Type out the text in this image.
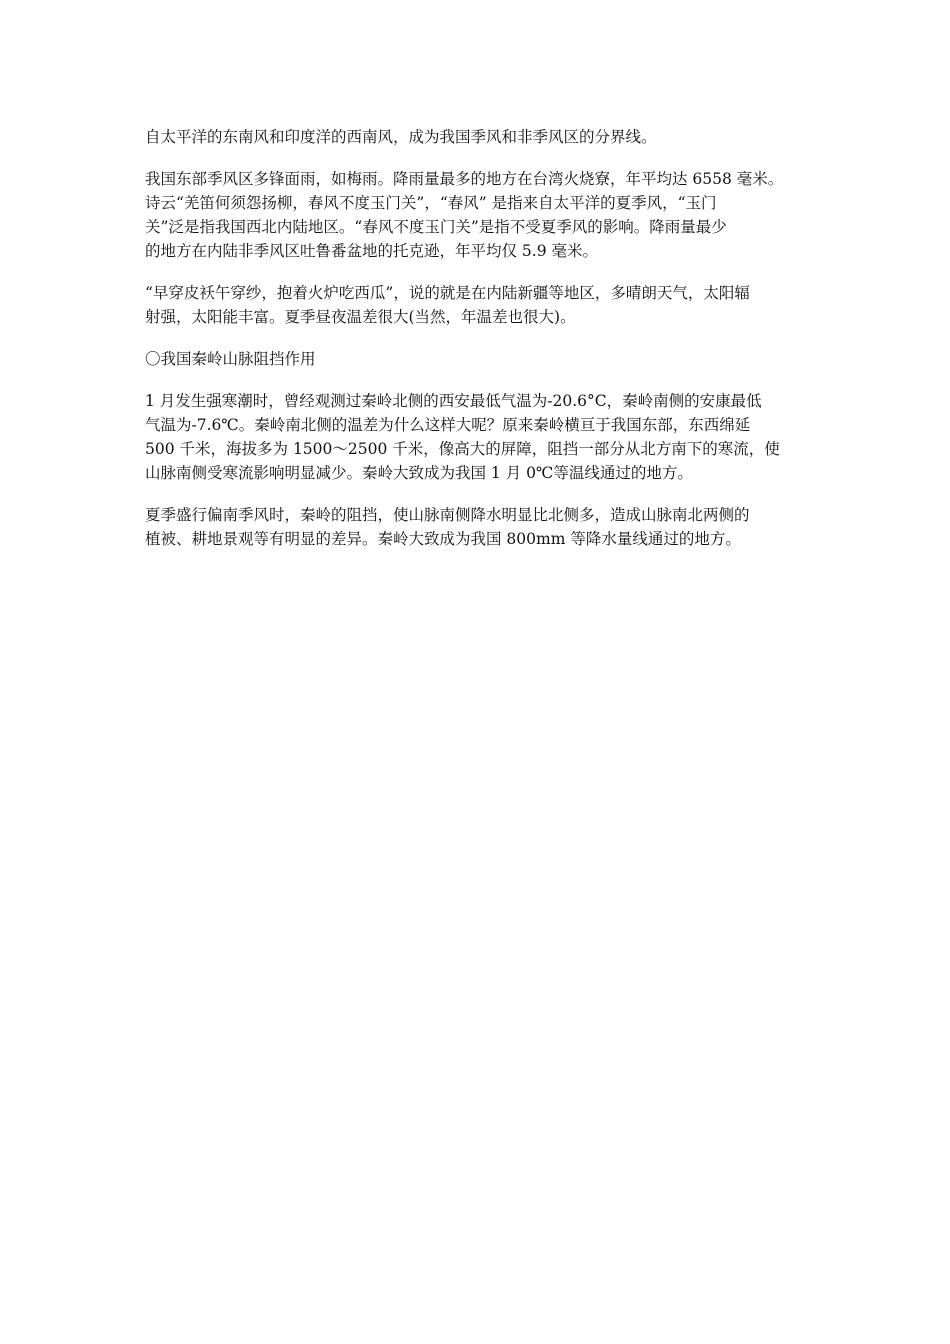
自太平洋的东南风和印度洋的西南风，成为我国季风和非季风区的分界线。

我国东部季风区多锋面雨，如梅雨。降雨量最多的地方在台湾火烧寮，年平均达 6558 毫米。
诗云“羌笛何须怨扬柳，春风不度玉门关”，“春风” 是指来自太平洋的夏季风，“玉门
关”泛是指我国西北内陆地区。“春风不度玉门关”是指不受夏季风的影响。降雨量最少
的地方在内陆非季风区吐鲁番盆地的托克逊，年平均仅 5.9 毫米。

“早穿皮袄午穿纱，抱着火炉吃西瓜”，说的就是在内陆新疆等地区，多晴朗天气，太阳辐
射强，太阳能丰富。夏季昼夜温差很大(当然，年温差也很大)。

〇我国秦岭山脉阻挡作用

1 月发生强寒潮时，曾经观测过秦岭北侧的西安最低气温为-20.6°C，秦岭南侧的安康最低
气温为-7.6℃。秦岭南北侧的温差为什么这样大呢？原来秦岭横亘于我国东部，东西绵延
500 千米，海拔多为 1500～2500 千米，像高大的屏障，阻挡一部分从北方南下的寒流，使
山脉南侧受寒流影响明显减少。秦岭大致成为我国 1 月 0℃等温线通过的地方。

夏季盛行偏南季风时，秦岭的阻挡，使山脉南侧降水明显比北侧多，造成山脉南北两侧的
植被、耕地景观等有明显的差异。秦岭大致成为我国 800mm 等降水量线通过的地方。
